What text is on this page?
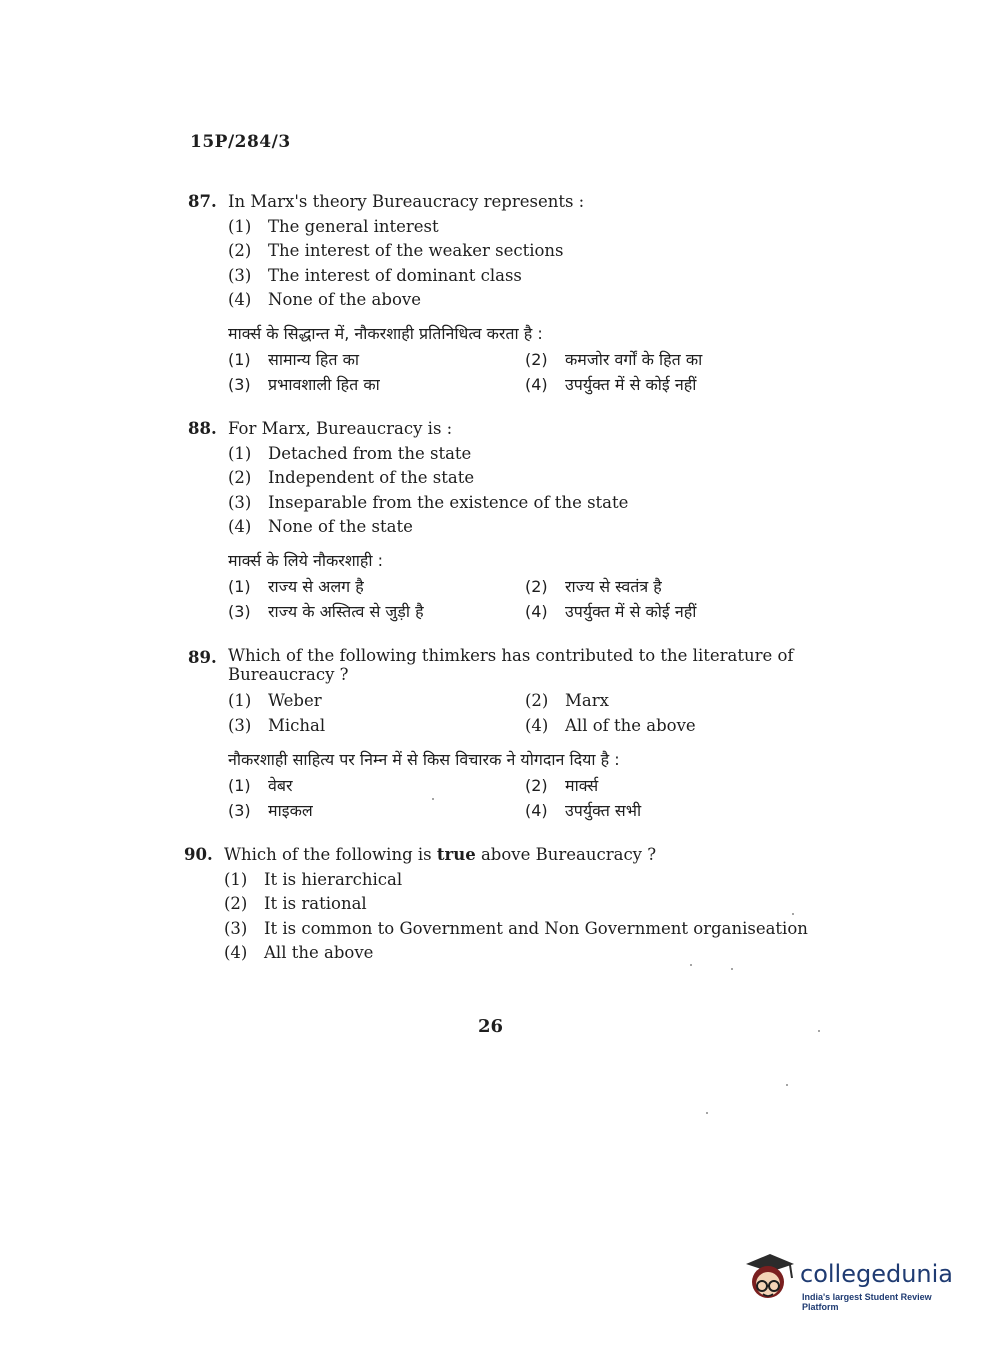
15P/284/3
87. In Marx's theory Bureaucracy represents :
(1)	The general interest
(2)	The interest of the weaker sections
(3)	The interest of dominant class
(4)	None of the above
मार्क्स के सिद्धान्त में, नौकरशाही प्रतिनिधित्व करता है :
(1)	सामान्य हित का	(2)	कमजोर वर्गों के हित का
(3)	प्रभावशाली हित का	(4)	उपर्युक्त में से कोई नहीं
88. For Marx, Bureaucracy is :
(1)	Detached from the state
(2)	Independent of the state
(3)	Inseparable from the existence of the state
(4)	None of the state
मार्क्स के लिये नौकरशाही :
(1)	राज्य से अलग है	(2)	राज्य से स्वतंत्र है
(3)	राज्य के अस्तित्व से जुड़ी है	(4)	उपर्युक्त में से कोई नहीं
89. Which of the following thimkers has contributed to the literature of Bureaucracy ?
(1)	Weber	(2)	Marx
(3)	Michal	(4)	All of the above
नौकरशाही साहित्य पर निम्न में से किस विचारक ने योगदान दिया है :
(1)	वेबर	(2)	मार्क्स
(3)	माइकल	(4)	उपर्युक्त सभी
90. Which of the following is true above Bureaucracy ?
(1)	It is hierarchical
(2)	It is rational
(3)	It is common to Government and Non Government organiseation
(4)	All the above
26
collegedunia
India's largest Student Review Platform
